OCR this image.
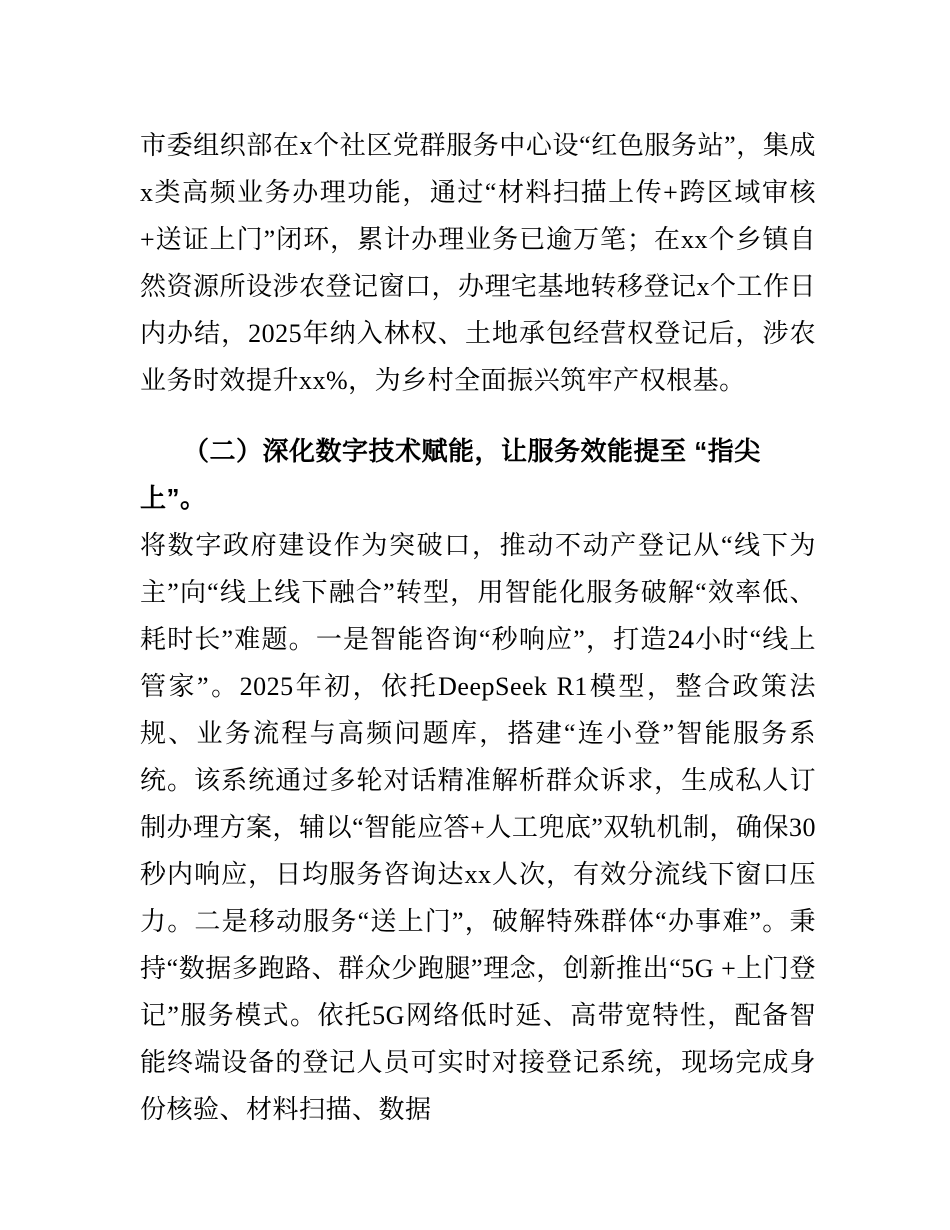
市委组织部在x个社区党群服务中心设“红色服务站”，集成x类高频业务办理功能，通过“材料扫描上传+跨区域审核+送证上门”闭环，累计办理业务已逾万笔；在xx个乡镇自然资源所设涉农登记窗口，办理宅基地转移登记x个工作日内办结，2025年纳入林权、土地承包经营权登记后，涉农业务时效提升xx%，为乡村全面振兴筑牢产权根基。

（二）深化数字技术赋能，让服务效能提至 “指尖上”。

将数字政府建设作为突破口，推动不动产登记从“线下为主”向“线上线下融合”转型，用智能化服务破解“效率低、耗时长”难题。一是智能咨询“秒响应”，打造24小时“线上管家”。2025年初，依托DeepSeek R1模型，整合政策法规、业务流程与高频问题库，搭建“连小登”智能服务系统。该系统通过多轮对话精准解析群众诉求，生成私人订制办理方案，辅以“智能应答+人工兜底”双轨机制，确保30秒内响应，日均服务咨询达xx人次，有效分流线下窗口压力。二是移动服务“送上门”，破解特殊群体“办事难”。秉持“数据多跑路、群众少跑腿”理念，创新推出“5G +上门登记”服务模式。依托5G网络低时延、高带宽特性，配备智能终端设备的登记人员可实时对接登记系统，现场完成身份核验、材料扫描、数据
